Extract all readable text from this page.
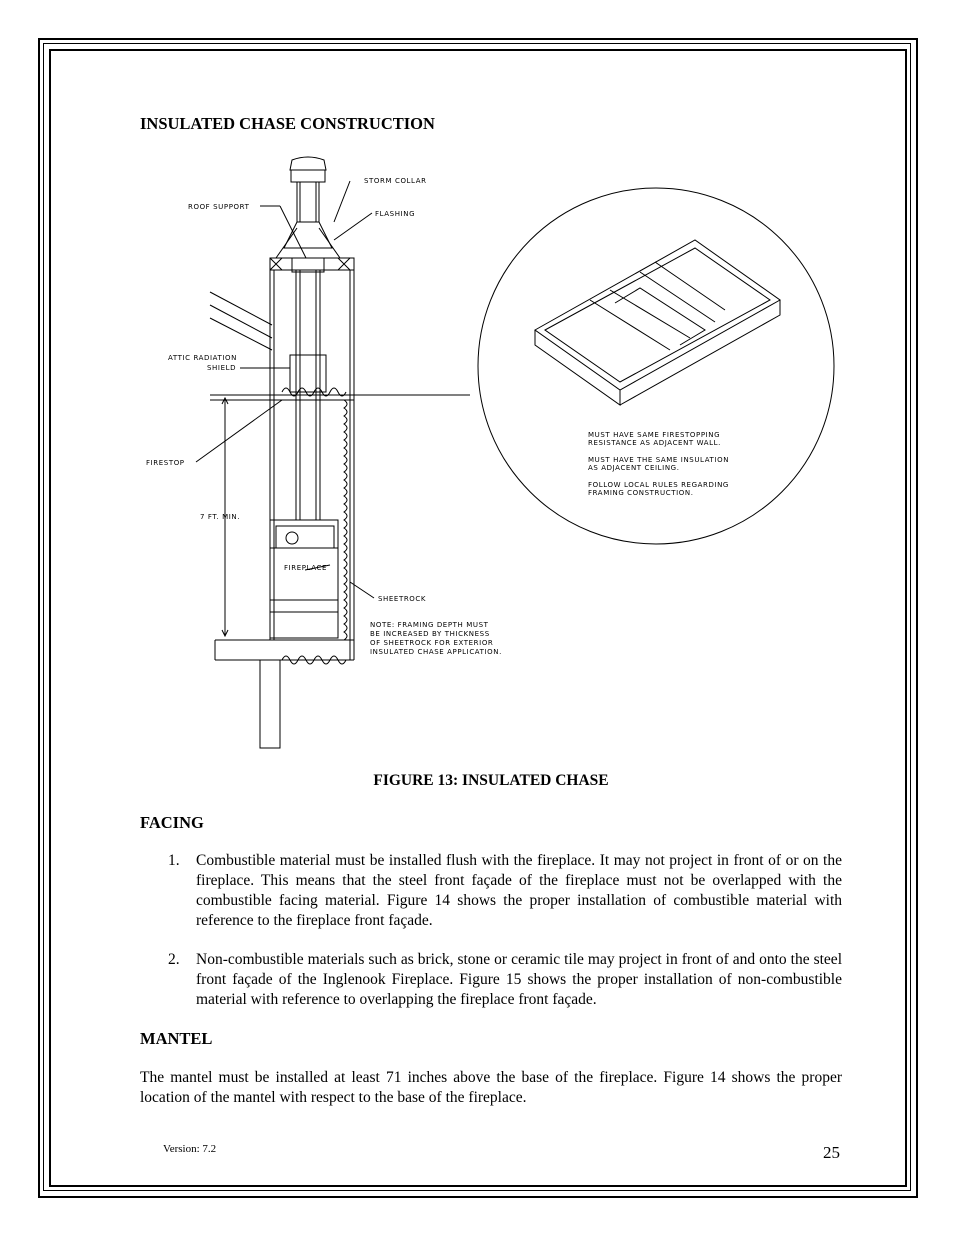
INSULATED CHASE CONSTRUCTION
STORM COLLAR
ROOF SUPPORT
FLASHING
ATTIC RADIATION
SHIELD
FIRESTOP
7 FT. MIN.
FIREPLACE
SHEETROCK
NOTE: FRAMING DEPTH MUST
BE INCREASED BY THICKNESS
OF SHEETROCK FOR EXTERIOR
INSULATED CHASE APPLICATION.
MUST HAVE SAME FIRESTOPPING
RESISTANCE AS ADJACENT WALL.
MUST HAVE THE SAME INSULATION
AS ADJACENT CEILING.
FOLLOW LOCAL RULES REGARDING
FRAMING CONSTRUCTION.
FIGURE 13: INSULATED CHASE
FACING
1. Combustible material must be installed flush with the fireplace. It may not project in front of or on the fireplace. This means that the steel front façade of the fireplace must not be overlapped with the combustible facing material. Figure 14 shows the proper installation of combustible material with reference to the fireplace front façade.
2. Non-combustible materials such as brick, stone or ceramic tile may project in front of and onto the steel front façade of the Inglenook Fireplace. Figure 15 shows the proper installation of non-combustible material with reference to overlapping the fireplace front façade.
MANTEL
The mantel must be installed at least 71 inches above the base of the fireplace. Figure 14 shows the proper location of the mantel with respect to the base of the fireplace.
Version: 7.2	25
